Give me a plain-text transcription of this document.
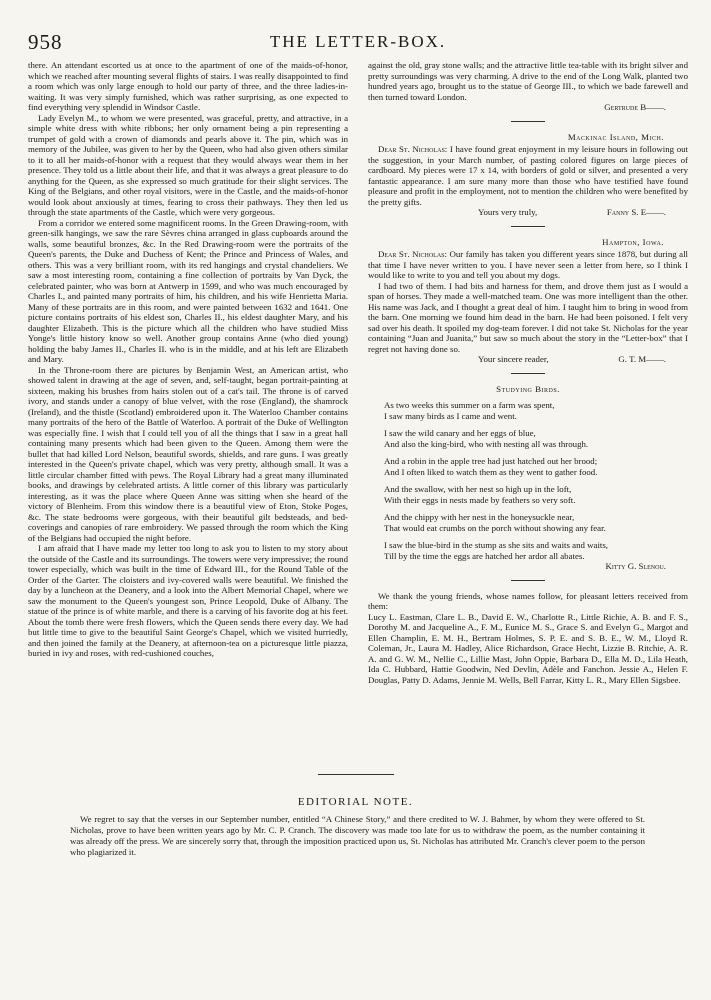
958	THE LETTER-BOX.

there. An attendant escorted us at once to the apartment of one of the maids-of-honor, which we reached after mounting several flights of stairs. I was really disappointed to find a room which was only large enough to hold our party of three, and the three ladies-in-waiting. It was very simply furnished, which was rather surprising, as one expected to find everything very splendid in Windsor Castle.

Lady Evelyn M., to whom we were presented, was graceful, pretty, and attractive, in a simple white dress with white ribbons; her only ornament being a pin representing a trumpet of gold with a crown of diamonds and pearls above it. The pin, which was in memory of the Jubilee, was given to her by the Queen, who had also given others similar to it to all her maids-of-honor with a request that they would always wear them in her presence. They told us a little about their life, and that it was always a great pleasure to do anything for the Queen, as she expressed so much gratitude for their slight services. The King of the Belgians, and other royal visitors, were in the Castle, and the maids-of-honor would look about anxiously at times, fearing to cross their pathways. They then led us through the state apartments of the Castle, which were very gorgeous.

From a corridor we entered some magnificent rooms. In the Green Drawing-room, with green-silk hangings, we saw the rare Sèvres china arranged in glass cupboards around the walls, some beautiful bronzes, &c. In the Red Drawing-room were the portraits of the Queen's parents, the Duke and Duchess of Kent; the Prince and Princess of Wales, and others. This was a very brilliant room, with its red hangings and crystal chandeliers. We saw a most interesting room, containing a fine collection of portraits by Van Dyck, the celebrated painter, who was born at Antwerp in 1599, and who was much encouraged by Charles I., and painted many portraits of him, his children, and his wife Henrietta Maria. Many of these portraits are in this room, and were painted between 1632 and 1641. One picture contains portraits of his eldest son, Charles II., his eldest daughter Mary, and his daughter Elizabeth. This is the picture which all the children who have studied Miss Yonge's little history know so well. Another group contains Anne (who died young) holding the baby James II., Charles II. who is in the middle, and at his left are Elizabeth and Mary.

In the Throne-room there are pictures by Benjamin West, an American artist, who showed talent in drawing at the age of seven, and, self-taught, began portrait-painting at sixteen, making his brushes from hairs stolen out of a cat's tail. The throne is of carved ivory, and stands under a canopy of blue velvet, with the rose (England), the shamrock (Ireland), and the thistle (Scotland) embroidered upon it. The Waterloo Chamber contains many portraits of the hero of the Battle of Waterloo. A portrait of the Duke of Wellington was especially fine. I wish that I could tell you of all the things that I saw in a great hall containing many presents which had been given to the Queen. Among them were the bullet that had killed Lord Nelson, beautiful swords, shields, and rare guns. I was greatly interested in the Queen's private chapel, which was very pretty, although small. It was a little circular chamber fitted with pews. The Royal Library had a great many illuminated books, and drawings by celebrated artists. A little corner of this library was particularly interesting, as it was the place where Queen Anne was sitting when she heard of the victory of Blenheim. From this window there is a beautiful view of Eton, Stoke Poges, &c. The state bedrooms were gorgeous, with their beautiful gilt bedsteads, and bed-coverings and canopies of rare embroidery. We passed through the room which the King of the Belgians had occupied the night before.

I am afraid that I have made my letter too long to ask you to listen to my story about the outside of the Castle and its surroundings. The towers were very impressive; the round tower especially, which was built in the time of Edward III., for the Round Table of the Order of the Garter. The cloisters and ivy-covered walls were beautiful. We finished the day by a luncheon at the Deanery, and a look into the Albert Memorial Chapel, where we saw the monument to the Queen's youngest son, Prince Leopold, Duke of Albany. The statue of the prince is of white marble, and there is a carving of his favorite dog at his feet. About the tomb there were fresh flowers, which the Queen sends there every day. We had but little time to give to the beautiful Saint George's Chapel, which we visited hurriedly, and then joined the family at the Deanery, at afternoon-tea on a picturesque little piazza, buried in ivy and roses, with red-cushioned couches,

against the old, gray stone walls; and the attractive little tea-table with its bright silver and pretty surroundings was very charming. A drive to the end of the Long Walk, planted two hundred years ago, brought us to the statue of George III., to which we bade farewell and then turned toward London.

Gertrude B——.
Mackinac Island, Mich.

Dear St. Nicholas: I have found great enjoyment in my leisure hours in following out the suggestion, in your March number, of pasting colored figures on large pieces of cardboard. My pieces were 17 x 14, with borders of gold or silver, and presented a very fantastic appearance. I am sure many more than those who have testified have found pleasure and profit in the employment, not to mention the children who were benefited by the pretty gifts.

Yours very truly,	Fanny S. E——.
Hampton, Iowa.

Dear St. Nicholas: Our family has taken you different years since 1878, but during all that time I have never written to you. I have never seen a letter from here, so I think I would like to write to you and tell you about my dogs.

I had two of them. I had bits and harness for them, and drove them just as I would a span of horses. They made a well-matched team. One was more intelligent than the other. His name was Jack, and I thought a great deal of him. I taught him to bring in wood from the barn. One morning we found him dead in the barn. He had been poisoned. I felt very sad over his death. It spoiled my dog-team forever. I did not take St. Nicholas for the year containing “Juan and Juanita,” but saw so much about the story in the “Letter-box” that I regret not having done so.

Your sincere reader,	G. T. M——.
Studying Birds.
As two weeks this summer on a farm was spent,
I saw many birds as I came and went.
I saw the wild canary and her eggs of blue,
And also the king-bird, who with nesting all was through.
And a robin in the apple tree had just hatched out her brood;
And I often liked to watch them as they went to gather food.
And the swallow, with her nest so high up in the loft,
With their eggs in nests made by feathers so very soft.
And the chippy with her nest in the honeysuckle near,
That would eat crumbs on the porch without showing any fear.
I saw the blue-bird in the stump as she sits and waits and waits,
Till by the time the eggs are hatched her ardor all abates.
Kitty G. Slenou.

We thank the young friends, whose names follow, for pleasant letters received from them:

Lucy L. Eastman, Clare L. B., David E. W., Charlotte R., Little Richie, A. B. and F. S., Dorothy M. and Jacqueline A., F. M., Eunice M. S., Grace S. and Evelyn G., Margot and Ellen Champlin, E. M. H., Bertram Holmes, S. P. E. and S. B. E., W. M., Lloyd R. Coleman, Jr., Laura M. Hadley, Alice Richardson, Grace Hecht, Lizzie B. Ritchie, A. R. A. and G. W. M., Nellie C., Lillie Mast, John Oppie, Barbara D., Ella M. D., Lila Heath, Ida C. Hubbard, Hattie Goodwin, Ned Devlin, Adèle and Fanchon. Jessie A., Helen F. Douglas, Patty D. Adams, Jennie M. Wells, Bell Farrar, Kitty L. R., Mary Ellen Sigsbee.

EDITORIAL NOTE.

We regret to say that the verses in our September number, entitled “A Chinese Story,” and there credited to W. J. Bahmer, by whom they were offered to St. Nicholas, prove to have been written years ago by Mr. C. P. Cranch. The discovery was made too late for us to withdraw the poem, as the number containing it was already off the press. We are sincerely sorry that, through the imposition practiced upon us, St. Nicholas has attributed Mr. Cranch's clever poem to the person who plagiarized it.
